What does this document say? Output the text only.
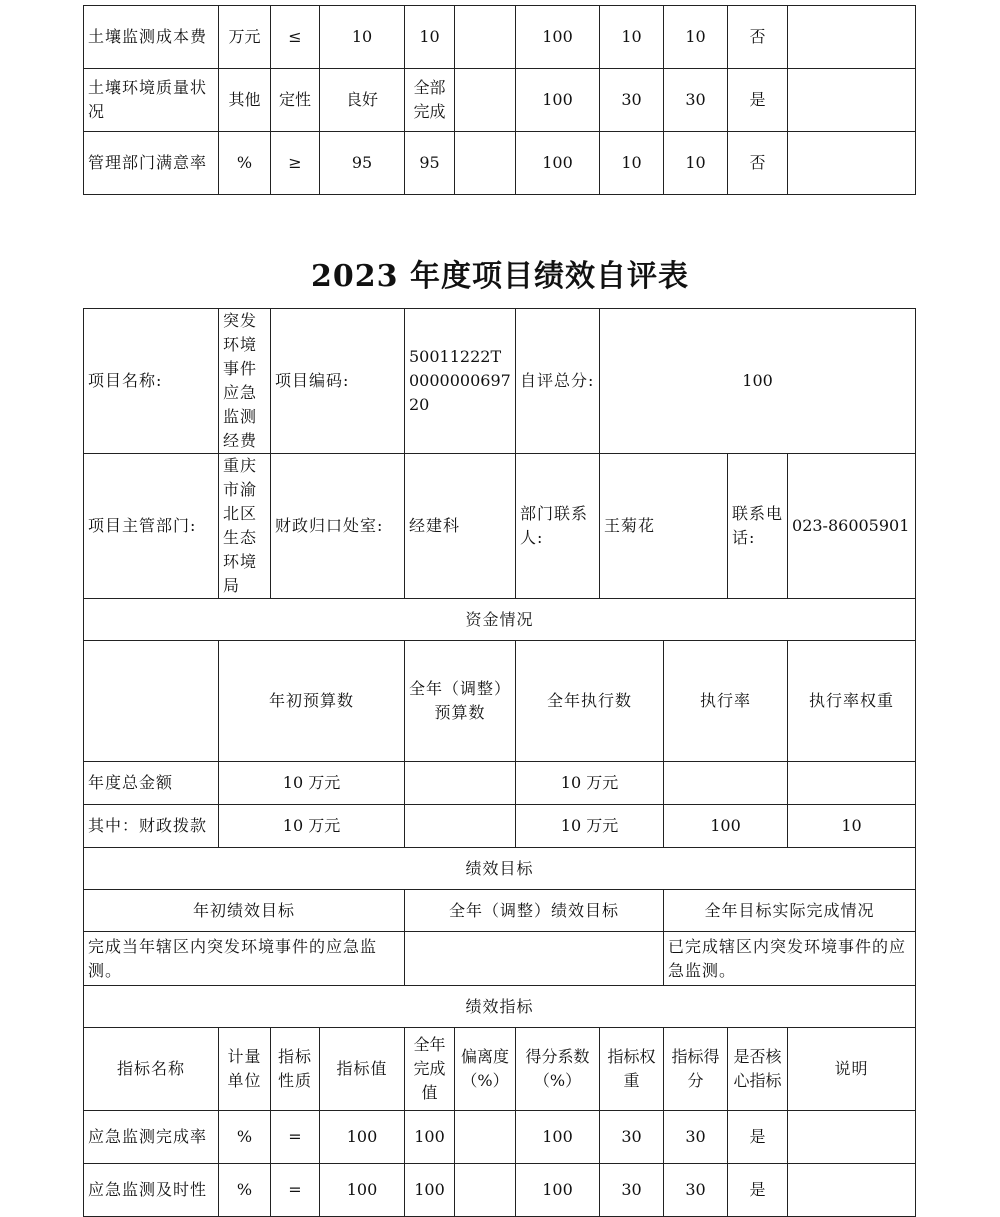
土壤监测成本费	万元	≤	10	10		100	10	10	否	
土壤环境质量状况	其他	定性	良好	全部完成		100	30	30	是	
管理部门满意率	%	≥	95	95		100	10	10	否	
2023 年度项目绩效自评表
项目名称:	突发环境事件应急监测经费	项目编码:		50011222T000000069720		自评总分:	100				
项目主管部门:	重庆市渝北区生态环境局	财政归口处室:		经建科		部门联系人:	王菊花		联系电话:	023-86005901	
资金情况											
	年初预算数			全年（调整）预算数		全年执行数		执行率		执行率权重	
年度总金额	10 万元					10 万元					
其中：财政拨款	10 万元					10 万元		100		10	
绩效目标											
年初绩效目标				全年（调整）绩效目标				全年目标实际完成情况			
完成当年辖区内突发环境事件的应急监测。								已完成辖区内突发环境事件的应急监测。			
绩效指标											
指标名称	计量单位	指标性质	指标值	全年完成值	偏离度（%）	得分系数（%）	指标权重	指标得分	是否核心指标	说明	
应急监测完成率	%	=	100	100		100	30	30	是		
应急监测及时性	%	=	100	100		100	30	30	是		
